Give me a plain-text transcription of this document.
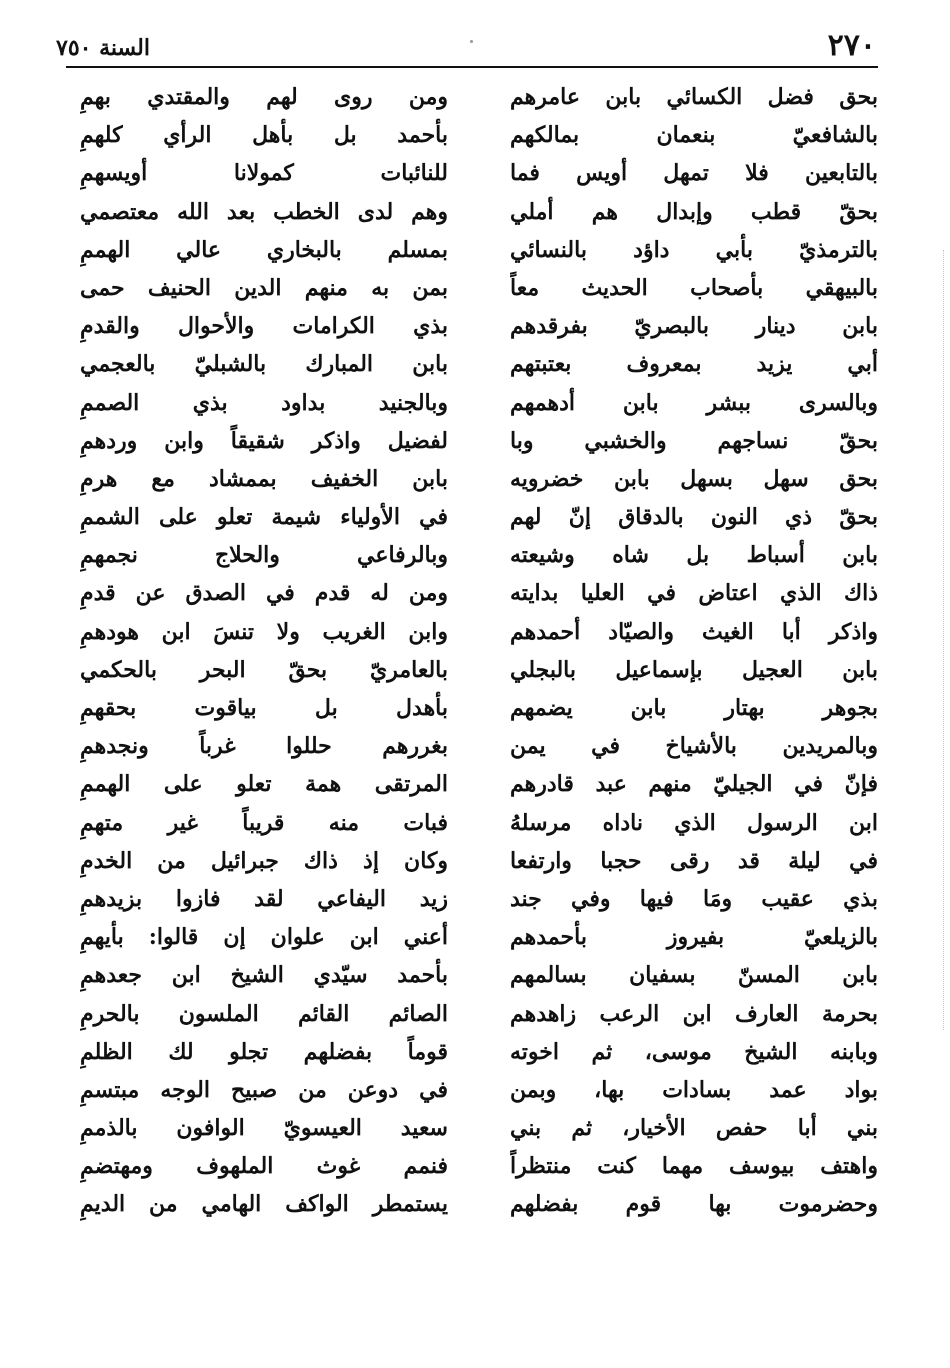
٢٧٠
السنة ٧٥٠
بحق فضل الكسائي بابن عامرهم
بالشافعيّ بنعمان بمالكهم
بالتابعين فلا تمهل أويس فما
بحقّ قطب وإبدال هم أملي
بالترمذيّ بأبي داؤد بالنسائي
بالبيهقي بأصحاب الحديث معاً
بابن دينار بالبصريّ بفرقدهم
أبي يزيد بمعروف بعتبتهم
وبالسرى ببشر بابن أدهمهم
بحقّ نساجهم والخشبي وبا
بحق سهل بسهل بابن خضرويه
بحقّ ذي النون بالدقاق إنّ لهم
بابن أسباط بل شاه وشيعته
ذاك الذي اعتاض في العليا بدايته
واذكر أبا الغيث والصيّاد أحمدهم
بابن العجيل بإسماعيل بالبجلي
بجوهر بهتار بابن يضمهم
وبالمريدين بالأشياخ في يمن
فإنّ في الجيليّ منهم عبد قادرهم
ابن الرسول الذي ناداه مرسلهُ
في ليلة قد رقى حجبا وارتفعا
بذي عقيب ومَا فيها وفي جند
بالزيلعيّ بفيروز بأحمدهم
بابن المسنّ بسفيان بسالمهم
بحرمة العارف ابن الرعب زاهدهم
وبابنه الشيخ موسى، ثم اخوته
بواد عمد بسادات بها، وبمن
بني أبا حفص الأخيار، ثم بني
واهتف بيوسف مهما كنت منتظراً
وحضرموت بها قوم بفضلهم
ومن روى لهم والمقتدي بهمِ
بأحمد بل بأهل الرأي كلهمِ
للنائبات كمولانا أويسهمِ
وهم لدى الخطب بعد الله معتصمي
بمسلم بالبخاري عالي الهممِ
بمن به منهم الدين الحنيف حمى
بذي الكرامات والأحوال والقدمِ
بابن المبارك بالشبليّ بالعجمي
وبالجنيد بداود بذي الصممِ
لفضيل واذكر شقيقاً وابن وردهمِ
بابن الخفيف بممشاد مع هرمِ
في الأولياء شيمة تعلو على الشممِ
وبالرفاعي والحلاج نجمهمِ
ومن له قدم في الصدق عن قدمِ
وابن الغريب ولا تنسَ ابن هودهمِ
بالعامريّ بحقّ البحر بالحكمي
بأهدل بل بياقوت بحقهمِ
بغررهم حللوا غرباً ونجدهمِ
المرتقى همة تعلو على الهممِ
فبات منه قريباً غير متهمِ
وكان إذ ذاك جبرائيل من الخدمِ
زيد اليفاعي لقد فازوا بزيدهمِ
أعني ابن علوان إن قالوا: بأيهمِ
بأحمد سيّدي الشيخ ابن جعدهمِ
الصائم القائم الملسون بالحرمِ
قوماً بفضلهم تجلو لك الظلمِ
في دوعن من صبيح الوجه مبتسمِ
سعيد العيسويّ الوافون بالذممِ
فنمم غوث الملهوف ومهتضمِ
يستمطر الواكف الهامي من الديمِ
